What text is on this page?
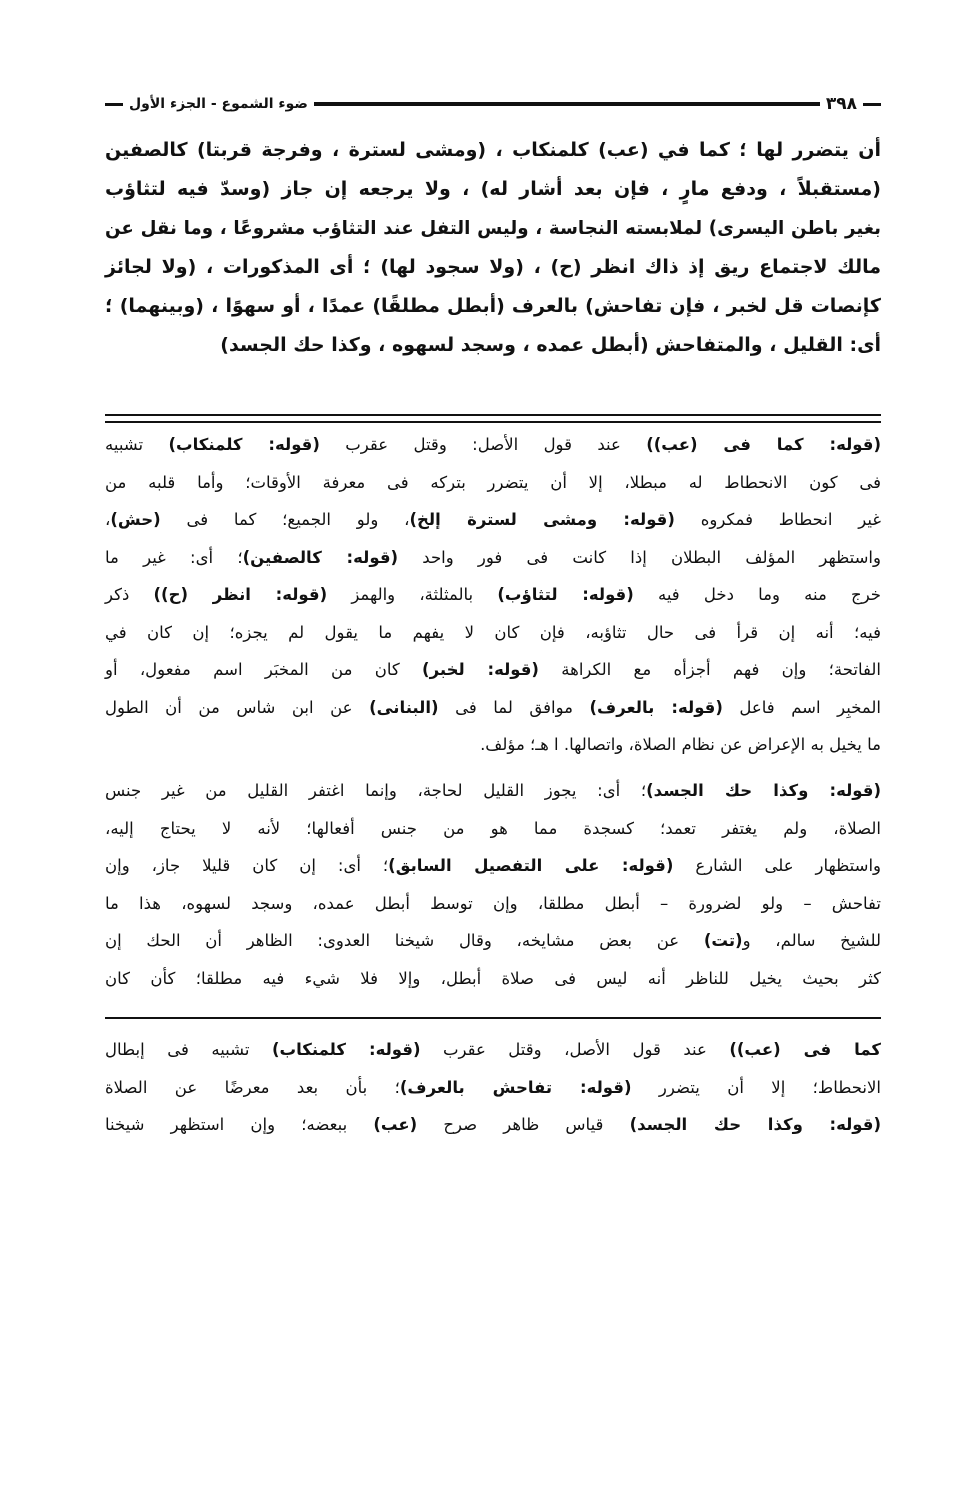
٣٩٨
ضوء الشموع - الجزء الأول
أن يتضرر لها ؛ كما في (عب) كلمنكاب ، (ومشى لسترة ، وفرجة قربتا) كالصفين
(مستقبلاً ، ودفع مارٍ ، فإن بعد أشار له) ، ولا يرجعه إن جاز (وسدّ فيه لتثاؤب
بغير باطن اليسرى) لملابسته النجاسة ، وليس التفل عند التثاؤب مشروعًا ، وما نقل عن
مالك لاجتماع ريق إذ ذاك انظر (ح) ، (ولا سجود لها) ؛ أى المذكورات ، (ولا لجائز
كإنصات قل لخبر ، فإن تفاحش) بالعرف (أبطل مطلقًا) عمدًا ، أو سهوًا ، (وبينهما) ؛
أى: القليل ، والمتفاحش (أبطل عمده ، وسجد لسهوه ، وكذا حك الجسد)
(قوله: كما فى (عب)) عند قول الأصل: وقتل عقرب (قوله: كلمنكاب) تشبيه
فى كون الانحطاط له مبطلا، إلا أن يتضرر بتركه فى معرفة الأوقات؛ وأما قلبه من
غير انحطاط فمكروه (قوله: ومشى لسترة إلخ)، ولو الجميع؛ كما فى (حش)،
واستظهر المؤلف البطلان إذا كانت فى فور واحد (قوله: كالصفين)؛ أى: غير ما
خرج منه وما دخل فيه (قوله: لتثاؤب) بالمثلثة، والهمز (قوله: انظر (ح)) ذكر
فيه؛ أنه إن قرأ فى حال تثاؤبه، فإن كان لا يفهم ما يقول لم يجزه؛ إن كان في
الفاتحة؛ وإن فهم أجزأه مع الكراهة (قوله: لخبر) كان من المخبَر اسم مفعول، أو
المخبِر اسم فاعل (قوله: بالعرف) موافق لما فى (البنانى) عن ابن شاس من أن الطول
ما يخيل به الإعراض عن نظام الصلاة، واتصالها. ا هـ؛ مؤلف.
(قوله: وكذا حك الجسد)؛ أى: يجوز القليل لحاجة، وإنما اغتفر القليل من غير جنس
الصلاة، ولم يغتفر تعمد؛ كسجدة مما هو من جنس أفعالها؛ لأنه لا يحتاج إليه،
واستظهار على الشارع (قوله: على التفصيل السابق)؛ أى: إن كان قليلا جاز، وإن
تفاحش – ولو لضرورة – أبطل مطلقا، وإن توسط أبطل عمده، وسجد لسهوه، هذا ما
للشيخ سالم، و(تت) عن بعض مشايخه، وقال شيخنا العدوى: الظاهر أن الحك إن
كثر بحيث يخيل للناظر أنه ليس فى صلاة أبطل، وإلا فلا شيء فيه مطلقا؛ كأن كان
كما فى (عب)) عند قول الأصل، وقتل عقرب (قوله: كلمنكاب) تشبيه فى إبطال
الانحطاط؛ إلا أن يتضرر (قوله: تفاحش بالعرف)؛ بأن بعد معرضًا عن الصلاة
(قوله: وكذا حك الجسد) قياس ظاهر صرح (عب) ببعضه؛ وإن استظهر شيخنا
